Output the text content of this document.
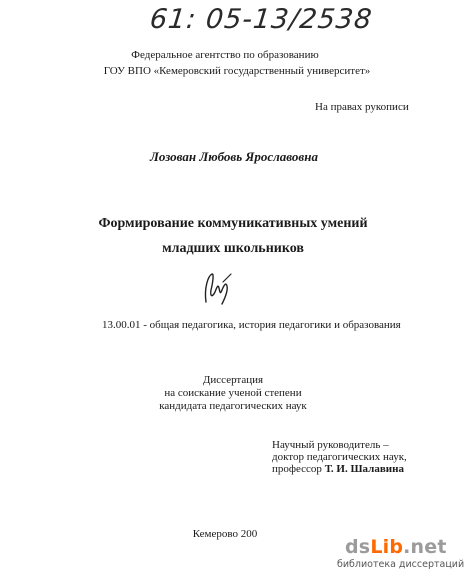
61: 05-13/2538
Федеральное агентство по образованию
ГОУ ВПО «Кемеровский государственный университет»
На правах рукописи
Лозован Любовь Ярославовна
Формирование коммуникативных умений
младших школьников
13.00.01 - общая педагогика, история педагогики и образования
Диссертация
на соискание ученой степени
кандидата педагогических наук
Научный руководитель –
доктор педагогических наук,
профессор Т. И. Шалавина
Кемерово 200
dsLib.net
библиотека диссертаций
